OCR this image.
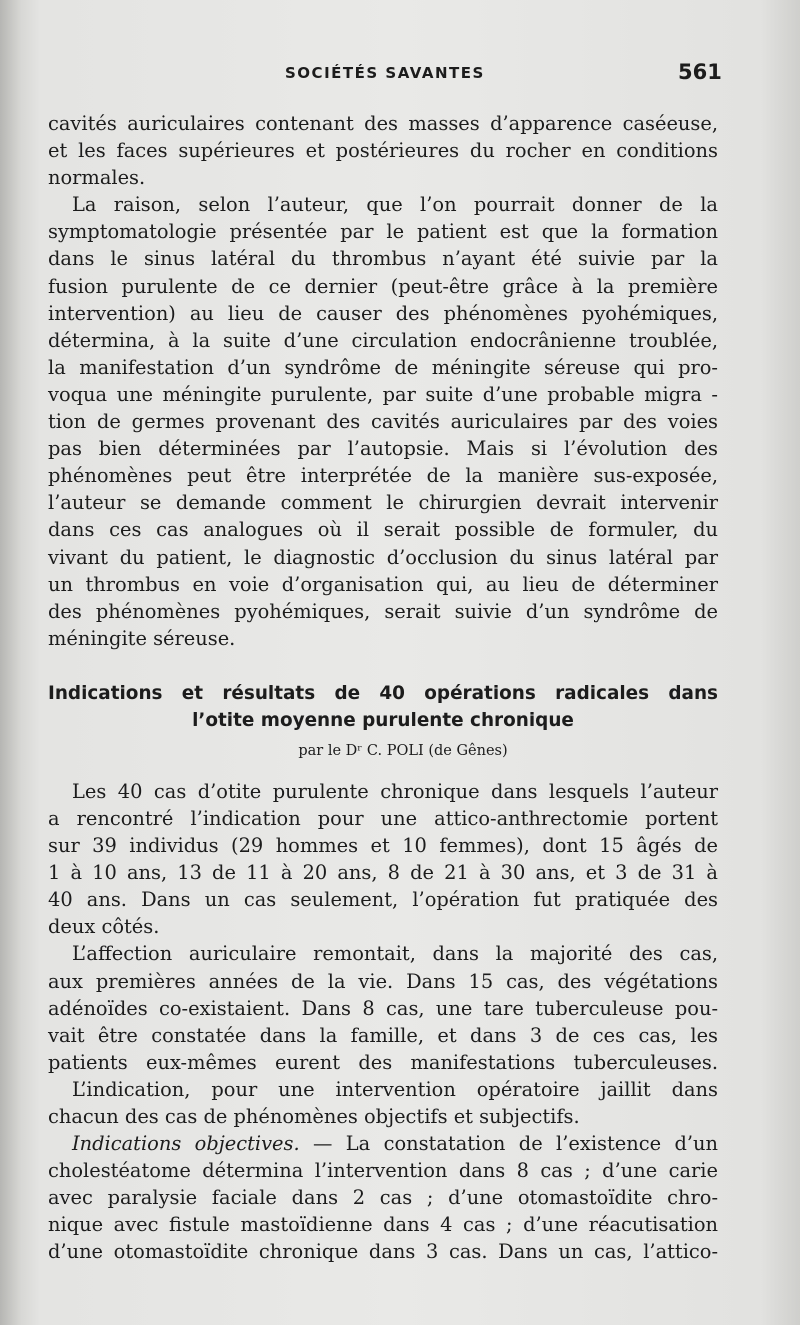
SOCIÉTÉS SAVANTES	561
cavités auriculaires contenant des masses d’apparence caséeuse,
et les faces supérieures et postérieures du rocher en conditions
normales.
La raison, selon l’auteur, que l’on pourrait donner de la
symptomatologie présentée par le patient est que la formation
dans le sinus latéral du thrombus n’ayant été suivie par la
fusion purulente de ce dernier (peut-être grâce à la première
intervention) au lieu de causer des phénomènes pyohémiques,
détermina, à la suite d’une circulation endocrânienne troublée,
la manifestation d’un syndrôme de méningite séreuse qui pro-
voqua une méningite purulente, par suite d’une probable migra -
tion de germes provenant des cavités auriculaires par des voies
pas bien déterminées par l’autopsie. Mais si l’évolution des
phénomènes peut être interprétée de la manière sus-exposée,
l’auteur se demande comment le chirurgien devrait intervenir
dans ces cas analogues où il serait possible de formuler, du
vivant du patient, le diagnostic d’occlusion du sinus latéral par
un thrombus en voie d’organisation qui, au lieu de déterminer
des phénomènes pyohémiques, serait suivie d’un syndrôme de
méningite séreuse.
Indications et résultats de 40 opérations radicales dans
l’otite moyenne purulente chronique
par le Dʳ C. POLI (de Gênes)
Les 40 cas d’otite purulente chronique dans lesquels l’auteur
a rencontré l’indication pour une attico-anthrectomie portent
sur 39 individus (29 hommes et 10 femmes), dont 15 âgés de
1 à 10 ans, 13 de 11 à 20 ans, 8 de 21 à 30 ans, et 3 de 31 à
40 ans. Dans un cas seulement, l’opération fut pratiquée des
deux côtés.
L’affection auriculaire remontait, dans la majorité des cas,
aux premières années de la vie. Dans 15 cas, des végétations
adénoïdes co-existaient. Dans 8 cas, une tare tuberculeuse pou-
vait être constatée dans la famille, et dans 3 de ces cas, les
patients eux-mêmes eurent des manifestations tuberculeuses.
L’indication, pour une intervention opératoire jaillit dans
chacun des cas de phénomènes objectifs et subjectifs.
Indications objectives. — La constatation de l’existence d’un
cholestéatome détermina l’intervention dans 8 cas ; d’une carie
avec paralysie faciale dans 2 cas ; d’une otomastoïdite chro-
nique avec fistule mastoïdienne dans 4 cas ; d’une réacutisation
d’une otomastoïdite chronique dans 3 cas. Dans un cas, l’attico-
